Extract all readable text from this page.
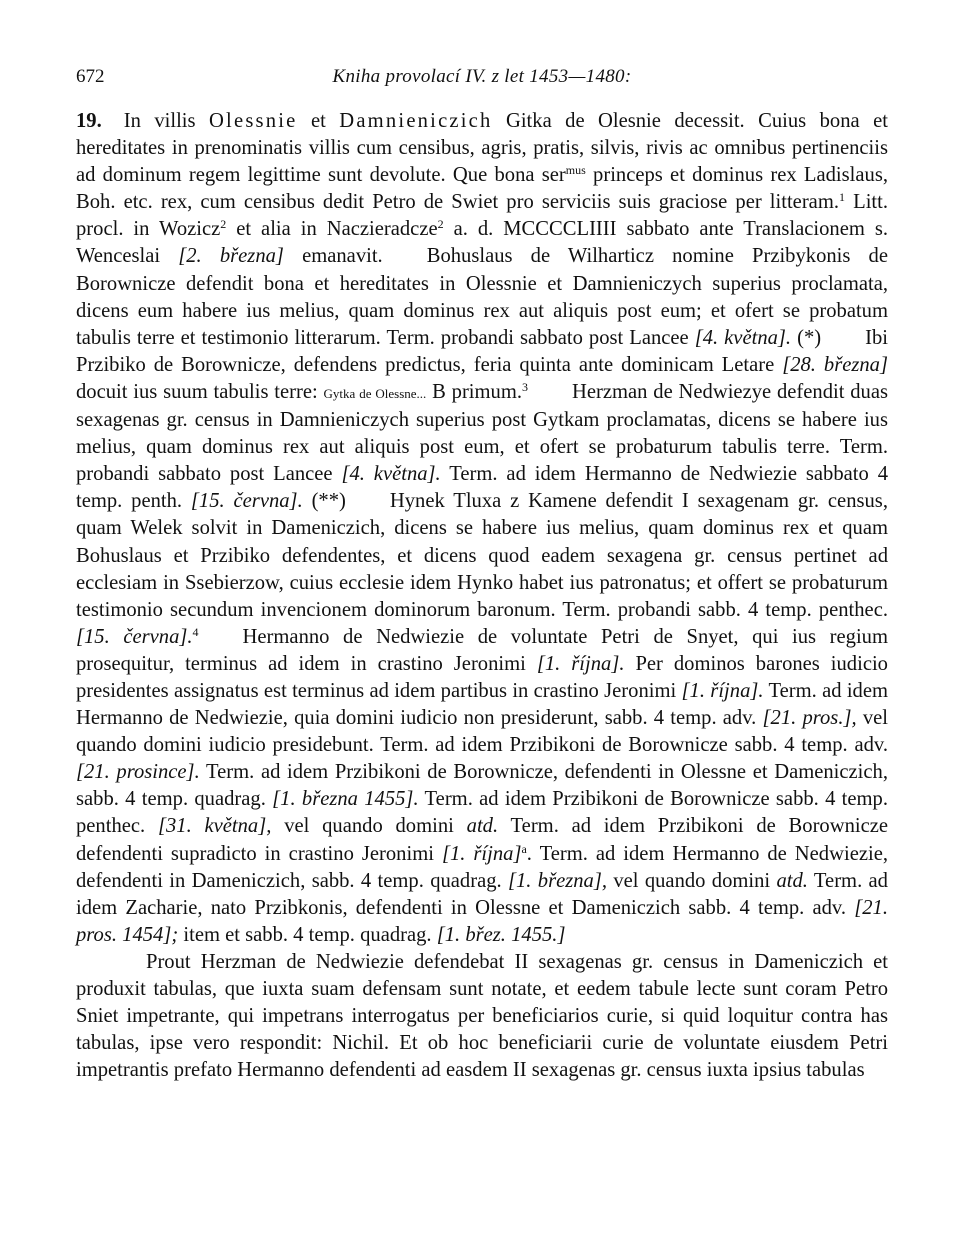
672	Kniha provolací IV. z let 1453—1480:

19. In villis Olessnie et Damnieniczich Gitka de Olesnie decessit. Cuius bona et hereditates in prenominatis villis cum censibus, agris, pratis, silvis, rivis ac omnibus pertinenciis ad dominum regem legittime sunt devolute. Que bona ser$^{mus}$ princeps et dominus rex Ladislaus, Boh. etc. rex, cum censibus dedit Petro de Swiet pro serviciis suis graciose per litteram.$^1$ Litt. procl. in Wozicz$^2$ et alia in Naczieradcze$^2$ a. d. MCCCCLIIII sabbato ante Translacionem s. Wenceslai [2. března] emanavit. Bohuslaus de Wilharticz nomine Przibykonis de Borownicze defendit bona et hereditates in Olessnie et Damnieniczych superius proclamata, dicens eum habere ius melius, quam dominus rex aut aliquis post eum; et ofert se probatum tabulis terre et testimonio litterarum. Term. probandi sabbato post Lancee [4. května]. (*) Ibi Przibiko de Borownicze, defendens predictus, feria quinta ante dominicam Letare [28. března] docuit ius suum tabulis terre: Gytka de Olessne... B primum.$^3$ Herzman de Nedwiezye defendit duas sexagenas gr. census in Damnieniczych superius post Gytkam proclamatas, dicens se habere ius melius, quam dominus rex aut aliquis post eum, et ofert se probaturum tabulis terre. Term. probandi sabbato post Lancee [4. května]. Term. ad idem Hermanno de Nedwiezie sabbato 4 temp. penth. [15. června]. (**) Hynek Tluxa z Kamene defendit I sexagenam gr. census, quam Welek solvit in Dameniczich, dicens se habere ius melius, quam dominus rex et quam Bohuslaus et Przibiko defendentes, et dicens quod eadem sexagena gr. census pertinet ad ecclesiam in Ssebierzow, cuius ecclesie idem Hynko habet ius patronatus; et offert se probaturum testimonio secundum invencionem dominorum baronum. Term. probandi sabb. 4 temp. penthec. [15. června].$^4$ Hermanno de Nedwiezie de voluntate Petri de Snyet, qui ius regium prosequitur, terminus ad idem in crastino Jeronimi [1. října]. Per dominos barones iudicio presidentes assignatus est terminus ad idem partibus in crastino Jeronimi [1. října]. Term. ad idem Hermanno de Nedwiezie, quia domini iudicio non presiderunt, sabb. 4 temp. adv. [21. pros.], vel quando domini iudicio presidebunt. Term. ad idem Przibikoni de Borownicze sabb. 4 temp. adv. [21. prosince]. Term. ad idem Przibikoni de Borownicze, defendenti in Olessne et Dameniczich, sabb. 4 temp. quadrag. [1. března 1455]. Term. ad idem Przibikoni de Borownicze sabb. 4 temp. penthec. [31. května], vel quando domini atd. Term. ad idem Przibikoni de Borownicze defendenti supradicto in crastino Jeronimi [1. října]$^a$. Term. ad idem Hermanno de Nedwiezie, defendenti in Dameniczich, sabb. 4 temp. quadrag. [1. března], vel quando domini atd. Term. ad idem Zacharie, nato Przibkonis, defendenti in Olessne et Dameniczich sabb. 4 temp. adv. [21. pros. 1454]; item et sabb. 4 temp. quadrag. [1. břez. 1455.]

Prout Herzman de Nedwiezie defendebat II sexagenas gr. census in Dameniczich et produxit tabulas, que iuxta suam defensam sunt notate, et eedem tabule lecte sunt coram Petro Sniet impetrante, qui impetrans interrogatus per beneficiarios curie, si quid loquitur contra has tabulas, ipse vero respondit: Nichil. Et ob hoc beneficiarii curie de voluntate eiusdem Petri impetrantis prefato Hermanno defendenti ad easdem II sexagenas gr. census iuxta ipsius tabulas
